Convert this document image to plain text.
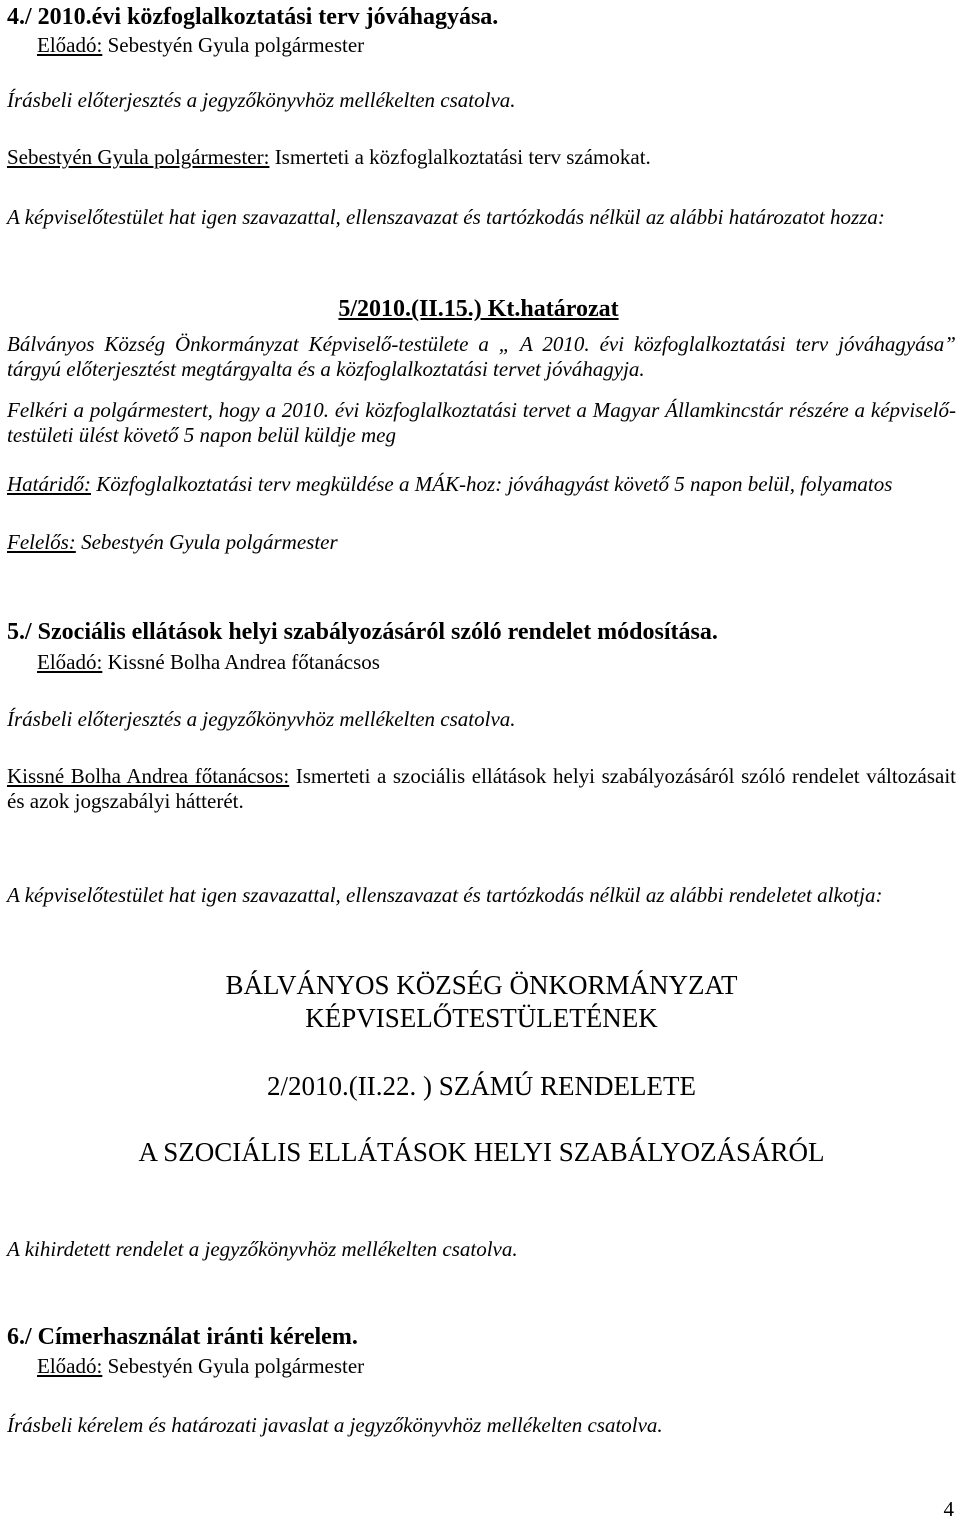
4./ 2010.évi közfoglalkoztatási terv jóváhagyása.

Előadó: Sebestyén Gyula polgármester

Írásbeli előterjesztés a jegyzőkönyvhöz mellékelten csatolva.

Sebestyén Gyula polgármester: Ismerteti a közfoglalkoztatási terv számokat.

A képviselőtestület hat igen szavazattal, ellenszavazat és tartózkodás nélkül az alábbi határozatot hozza:

5/2010.(II.15.) Kt.határozat

Bálványos Község Önkormányzat Képviselő-testülete a „ A 2010. évi közfoglalkoztatási terv jóváhagyása” tárgyú előterjesztést megtárgyalta és a közfoglalkoztatási tervet jóváhagyja.

Felkéri a polgármestert, hogy a 2010. évi közfoglalkoztatási tervet a Magyar Államkincstár részére a képviselő-testületi ülést követő 5 napon belül küldje meg

Határidő: Közfoglalkoztatási terv megküldése a MÁK-hoz: jóváhagyást követő 5 napon belül, folyamatos

Felelős: Sebestyén Gyula polgármester

5./ Szociális ellátások helyi szabályozásáról szóló rendelet módosítása.

Előadó: Kissné Bolha Andrea főtanácsos

Írásbeli előterjesztés a jegyzőkönyvhöz mellékelten csatolva.

Kissné Bolha Andrea főtanácsos: Ismerteti a szociális ellátások helyi szabályozásáról szóló rendelet változásait és azok jogszabályi hátterét.

A képviselőtestület hat igen szavazattal, ellenszavazat és tartózkodás nélkül az alábbi rendeletet alkotja:

BÁLVÁNYOS KÖZSÉG ÖNKORMÁNYZAT

KÉPVISELŐTESTÜLETÉNEK

2/2010.(II.22. ) SZÁMÚ RENDELETE

A SZOCIÁLIS ELLÁTÁSOK HELYI SZABÁLYOZÁSÁRÓL

A kihirdetett rendelet a jegyzőkönyvhöz mellékelten csatolva.

6./ Címerhasználat iránti kérelem.

Előadó: Sebestyén Gyula polgármester

Írásbeli kérelem és határozati javaslat a jegyzőkönyvhöz mellékelten csatolva.

4
